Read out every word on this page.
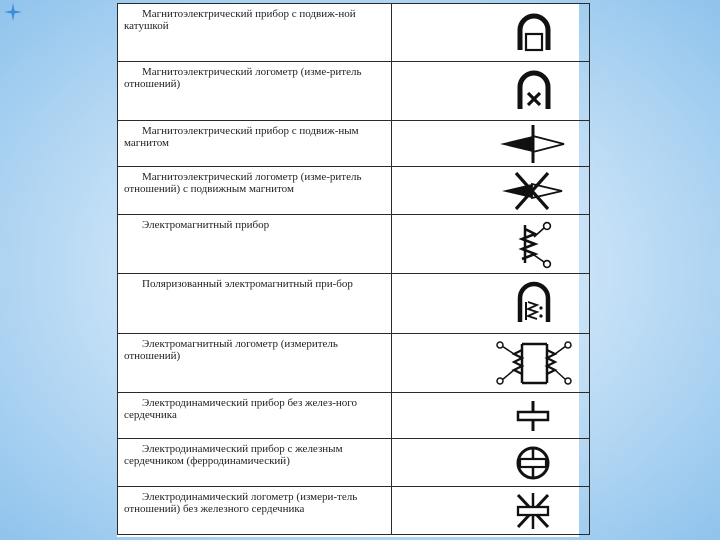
Магнитоэлектрический прибор с подвиж-ной катушкой

Магнитоэлектрический логометр (изме-ритель отношений)

Магнитоэлектрический прибор с подвиж-ным магнитом

Магнитоэлектрический логометр (изме-ритель отношений) с подвижным магнитом

Электромагнитный прибор

Поляризованный электромагнитный при-бор

Электромагнитный логометр (измеритель отношений)

Электродинамический прибор без желез-ного сердечника

Электродинамический прибор с железным сердечником (ферродинамический)

Электродинамический логометр (измери-тель отношений) без железного сердечника
